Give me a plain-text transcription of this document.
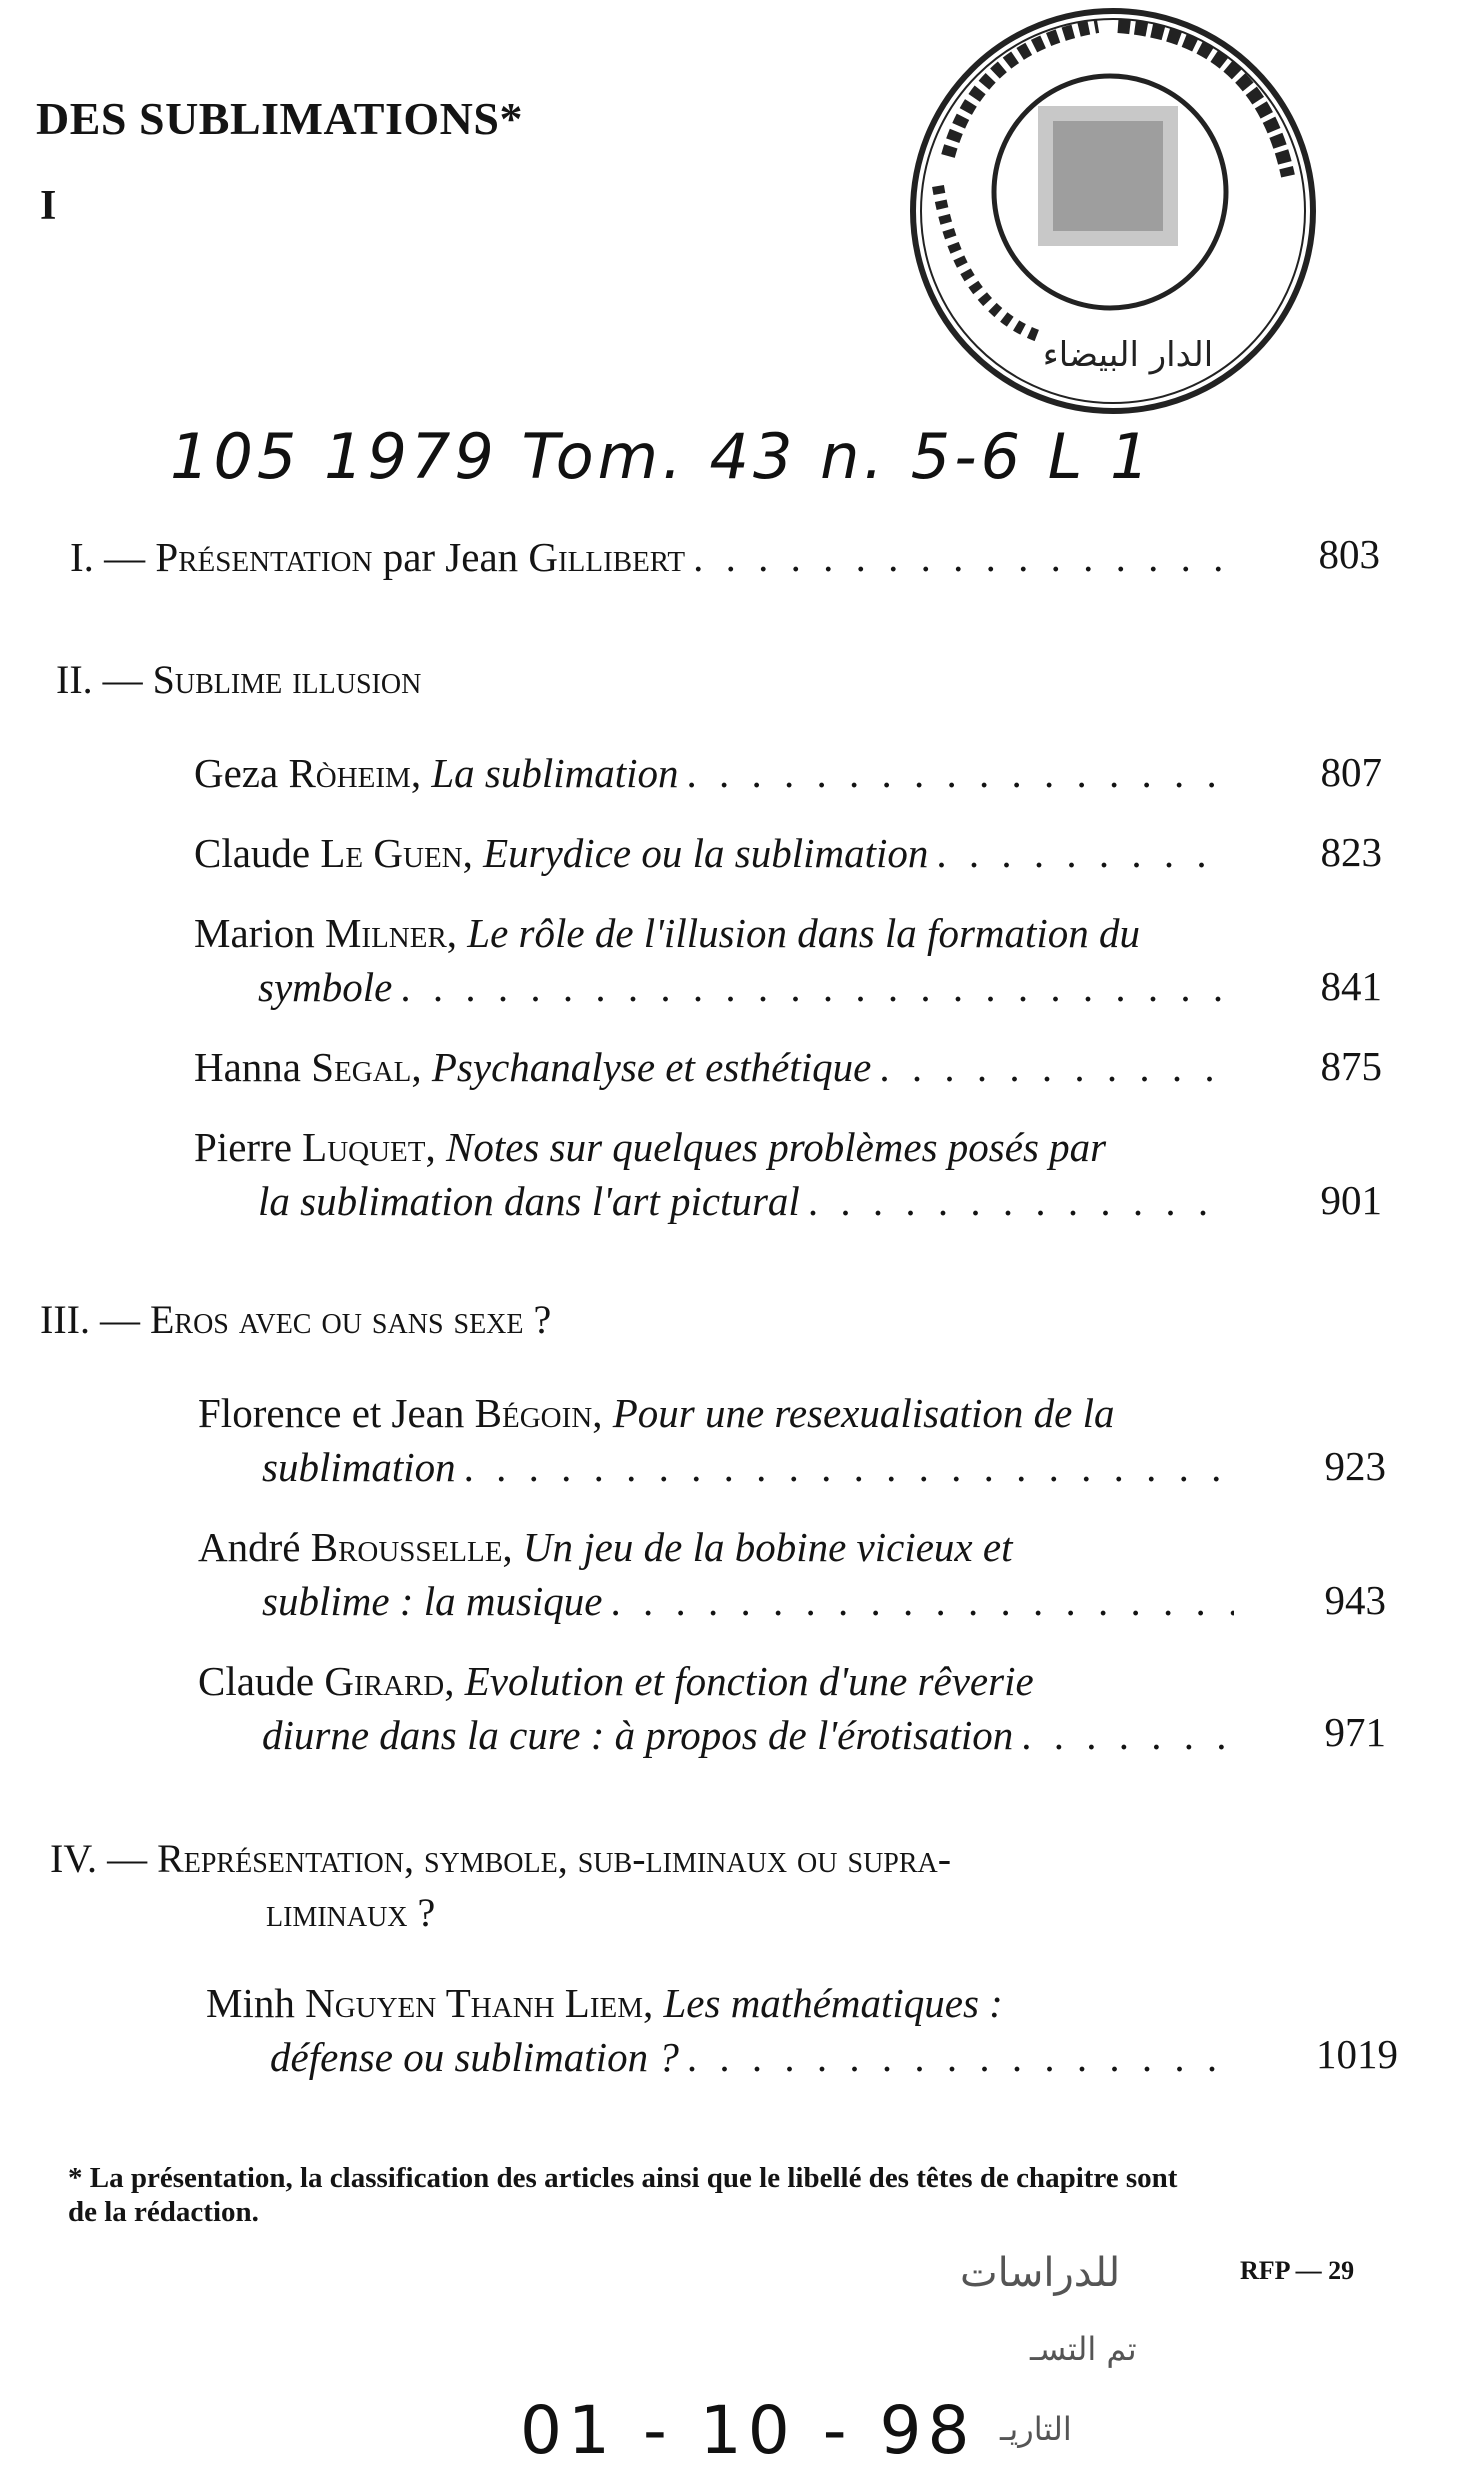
DES SUBLIMATIONS*
I
الدار البيضاء
105 1979 Tom. 43 n. 5-6 L 1
I. — Présentation par Jean Gillibert . . .	803
II. — Sublime illusion
Geza Ròheim, La sublimation . . .	807
Claude Le Guen, Eurydice ou la sublimation . . .	823
Marion Milner, Le rôle de l'illusion dans la formation du
symbole . . .	841
Hanna Segal, Psychanalyse et esthétique . . .	875
Pierre Luquet, Notes sur quelques problèmes posés par
la sublimation dans l'art pictural . . .	901
III. — Eros avec ou sans sexe ?
Florence et Jean Bégoin, Pour une resexualisation de la
sublimation . . .	923
André Brousselle, Un jeu de la bobine vicieux et
sublime : la musique . . .	943
Claude Girard, Evolution et fonction d'une rêverie
diurne dans la cure : à propos de l'érotisation . . .	971
IV. — Représentation, symbole, sub-liminaux ou supra-
liminaux ?
Minh Nguyen Thanh Liem, Les mathématiques :
défense ou sublimation ? . . .	1019
* La présentation, la classification des articles ainsi que le libellé des têtes de chapitre sont
de la rédaction.
RFP — 29
للدراسات
تم التسـ
التاريـ
01 - 10 - 98
